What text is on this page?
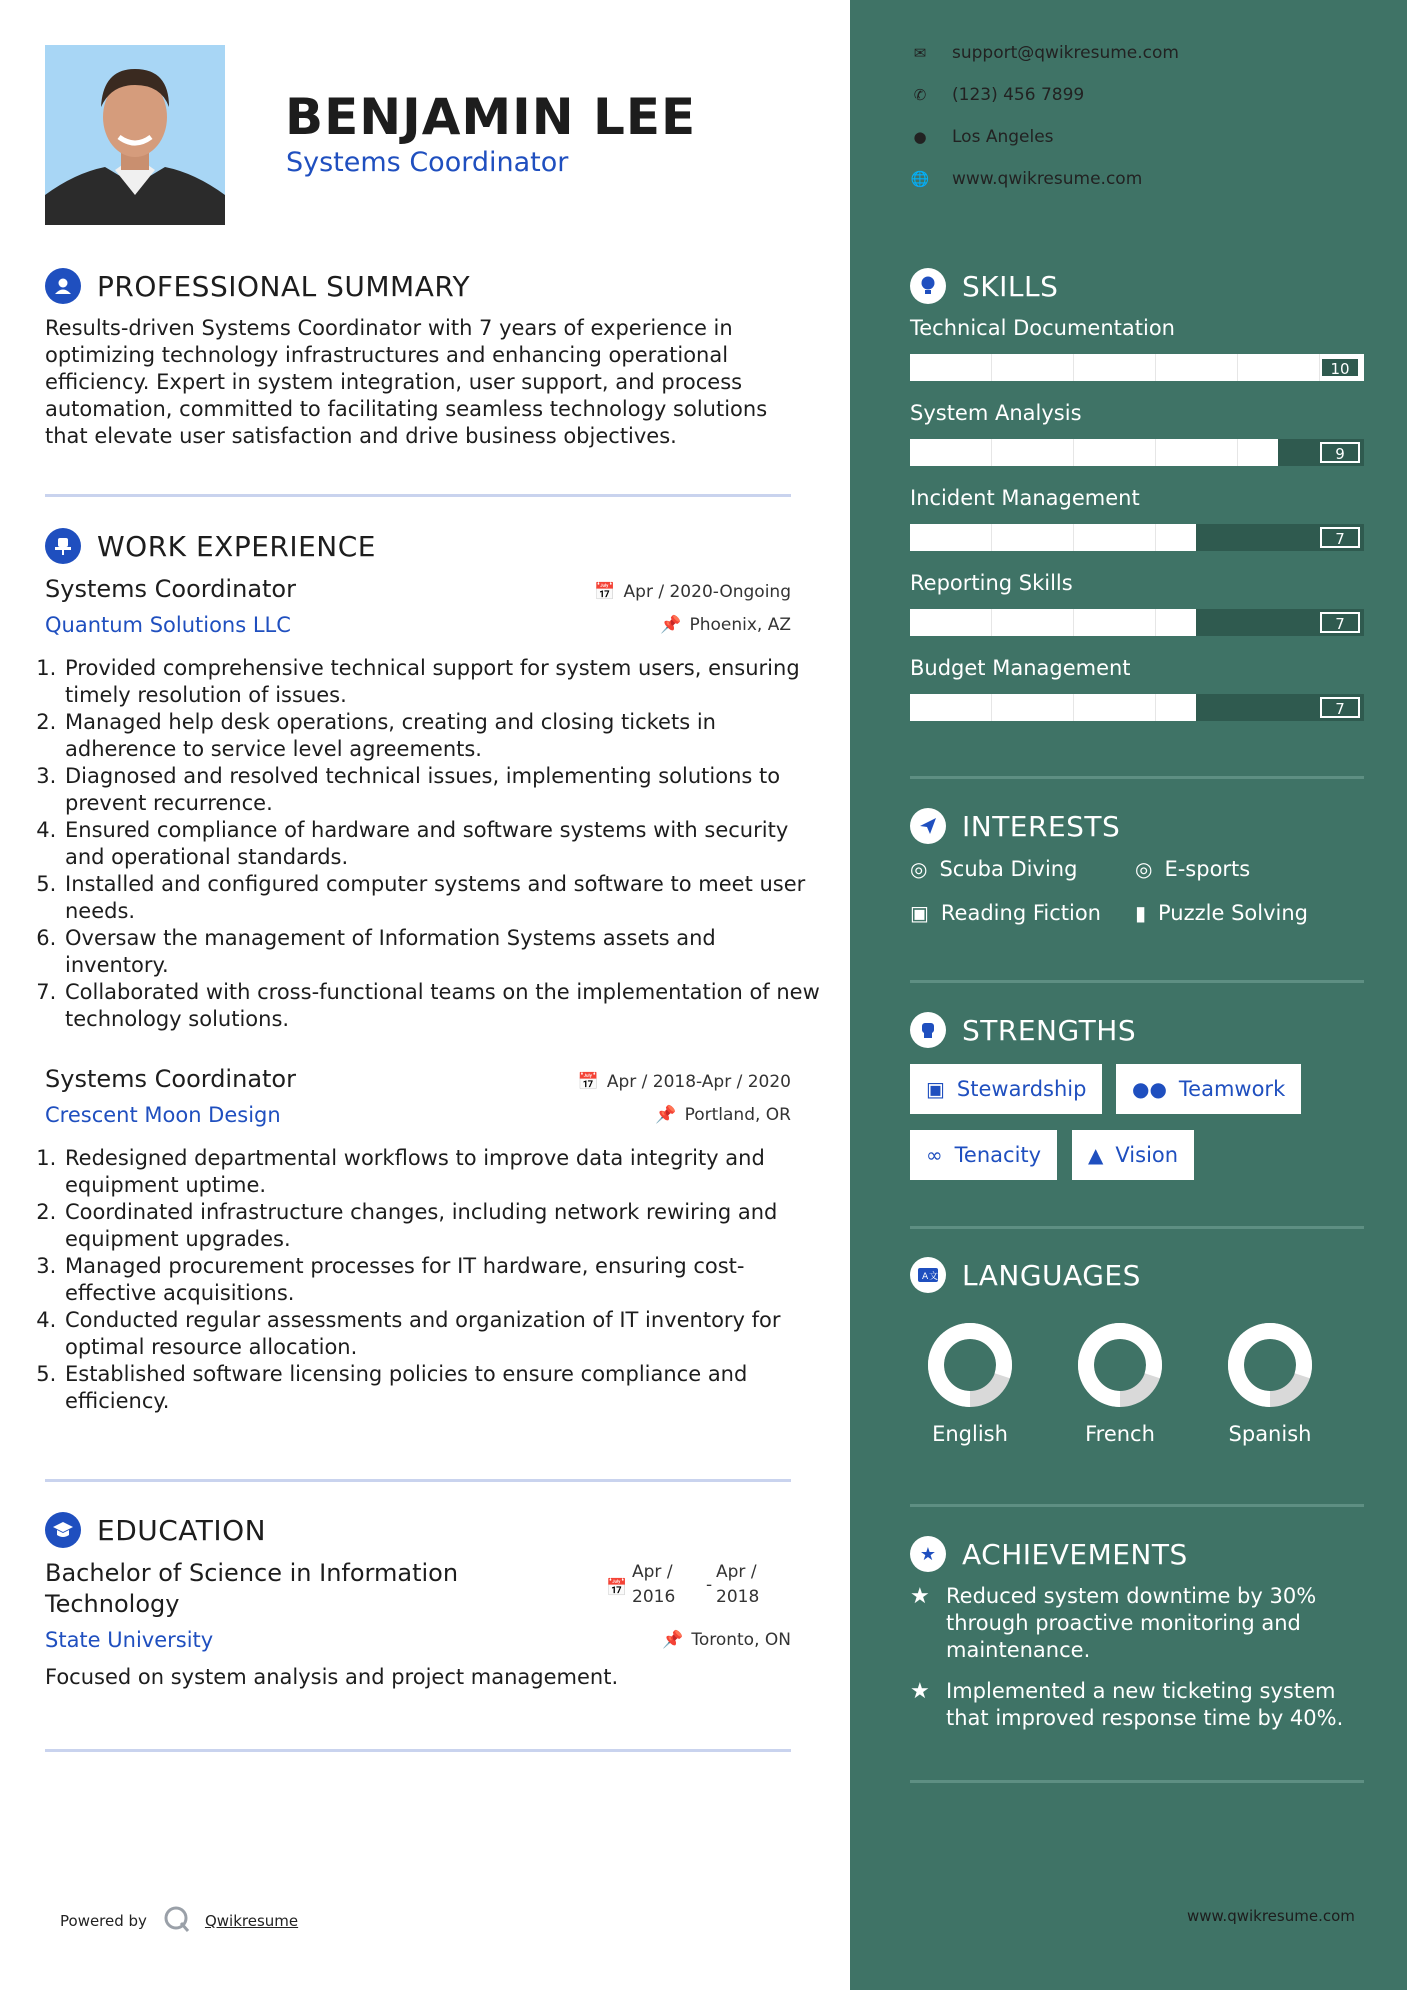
BENJAMIN LEE
Systems Coordinator
PROFESSIONAL SUMMARY
Results-driven Systems Coordinator with 7 years of experience in optimizing technology infrastructures and enhancing operational efficiency. Expert in system integration, user support, and process automation, committed to facilitating seamless technology solutions that elevate user satisfaction and drive business objectives.
WORK EXPERIENCE
Systems Coordinator
Quantum Solutions LLC
📅 Apr / 2020-Ongoing
📌 Phoenix, AZ
1. Provided comprehensive technical support for system users, ensuring timely resolution of issues.
2. Managed help desk operations, creating and closing tickets in adherence to service level agreements.
3. Diagnosed and resolved technical issues, implementing solutions to prevent recurrence.
4. Ensured compliance of hardware and software systems with security and operational standards.
5. Installed and configured computer systems and software to meet user needs.
6. Oversaw the management of Information Systems assets and inventory.
7. Collaborated with cross-functional teams on the implementation of new technology solutions.
Systems Coordinator
Crescent Moon Design
📅 Apr / 2018-Apr / 2020
📌 Portland, OR
1. Redesigned departmental workflows to improve data integrity and equipment uptime.
2. Coordinated infrastructure changes, including network rewiring and equipment upgrades.
3. Managed procurement processes for IT hardware, ensuring cost-effective acquisitions.
4. Conducted regular assessments and organization of IT inventory for optimal resource allocation.
5. Established software licensing policies to ensure compliance and efficiency.
EDUCATION
Bachelor of Science in Information Technology
State University
📅
Apr /
2016
-
Apr /
2018
📌 Toronto, ON
Focused on system analysis and project management.
Powered by	Qwikresume
✉ support@qwikresume.com
✆ (123) 456 7899
● Los Angeles
🌐 www.qwikresume.com
SKILLS
Technical Documentation
10
System Analysis
9
Incident Management
7
Reporting Skills
7
Budget Management
7
INTERESTS
◎ Scuba Diving	◎ E-sports
▣ Reading Fiction ▮ Puzzle Solving
STRENGTHS
▣ Stewardship ●● Teamwork
∞ Tenacity ▲ Vision
A 文 LANGUAGES
English	French	Spanish
★ ACHIEVEMENTS
★ Reduced system downtime by 30% through proactive monitoring and maintenance.
★ Implemented a new ticketing system that improved response time by 40%.
www.qwikresume.com
